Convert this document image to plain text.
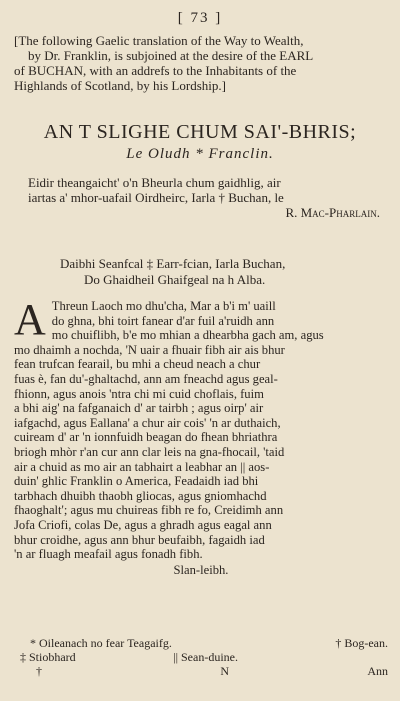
[ 73 ]
[The following Gaelic translation of the Way to Wealth,
by Dr. Franklin, is subjoined at the desire of the EARL
of BUCHAN, with an addrefs to the Inhabitants of the
Highlands of Scotland, by his Lordship.]
AN T SLIGHE CHUM SAI'-BHRIS;
Le Oludh * Franclin.
Eidir theangaicht' o'n Bheurla chum gaidhlig, air
iartas a' mhor-uafail Oirdheirc, Iarla † Buchan, le
R. Mac-Pharlain.
Daibhi Seanfcal ‡ Earr-fcian, Iarla Buchan,
Do Ghaidheil Ghaifgeal na h Alba.
A Threun Laoch mo dhu'cha, Mar a b'i m' uaill
do ghna, bhi toirt fanear d'ar fuil a'ruidh ann
mo chuiflibh, b'e mo mhian a dhearbha gach am, agus
mo dhaimh a nochda, 'N uair a fhuair fibh air ais bhur
fean trufcan fearail, bu mhi a cheud neach a chur
fuas è, fan du'-ghaltachd, ann am fneachd agus geal-
fhionn, agus anois 'ntra chi mi cuid choflais, fuim
a bhi aig' na fafganaich d' ar tairbh ; agus oirp' air
iafgachd, agus Eallana' a chur air cois' 'n ar duthaich,
cuiream d' ar 'n ionnfuidh beagan do fhean bhriathra
briogh mhòr r'an cur ann clar leis na gna-fhocail, 'taid
air a chuid as mo air an tabhairt a leabhar an || aos-
duin' ghlic Franklin o America, Feadaidh iad bhi
tarbhach dhuibh thaobh gliocas, agus gniomhachd
fhaoghalt'; agus mu chuireas fibh re fo, Creidimh ann
Jofa Criofi, colas De, agus a ghradh agus eagal ann
bhur croidhe, agus ann bhur beufaibh, fagaidh iad
'n ar fluagh meafail agus fonadh fibh.

Slan-leibh.
* Oileanach no fear Teagaifg.	† Bog-ean.
‡ Stiobhard	|| Sean-duine.
†	N	Ann
